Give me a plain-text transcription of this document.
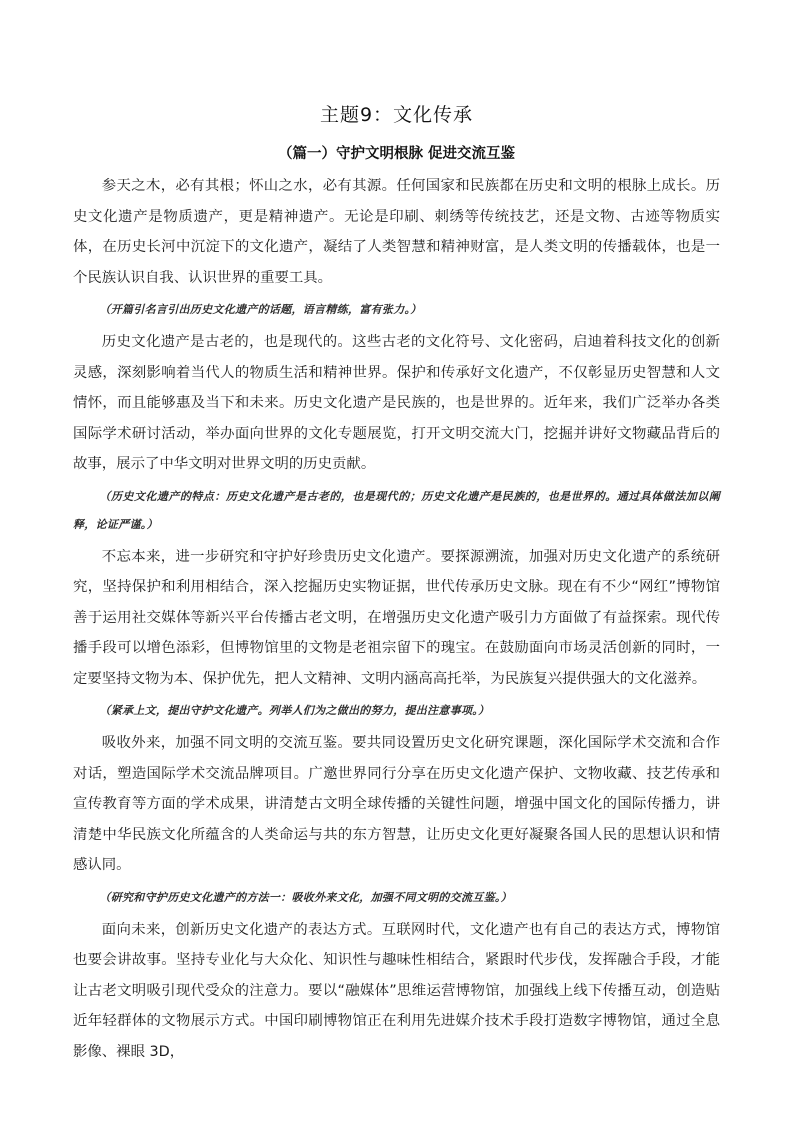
主题9：文化传承
（篇一）守护文明根脉 促进交流互鉴

参天之木，必有其根；怀山之水，必有其源。任何国家和民族都在历史和文明的根脉上成长。历史文化遗产是物质遗产，更是精神遗产。无论是印刷、刺绣等传统技艺，还是文物、古迹等物质实体，在历史长河中沉淀下的文化遗产，凝结了人类智慧和精神财富，是人类文明的传播载体，也是一个民族认识自我、认识世界的重要工具。

（开篇引名言引出历史文化遗产的话题，语言精练，富有张力。）

历史文化遗产是古老的，也是现代的。这些古老的文化符号、文化密码，启迪着科技文化的创新灵感，深刻影响着当代人的物质生活和精神世界。保护和传承好文化遗产，不仅彰显历史智慧和人文情怀，而且能够惠及当下和未来。历史文化遗产是民族的，也是世界的。近年来，我们广泛举办各类国际学术研讨活动，举办面向世界的文化专题展览，打开文明交流大门，挖掘并讲好文物藏品背后的故事，展示了中华文明对世界文明的历史贡献。

（历史文化遗产的特点：历史文化遗产是古老的，也是现代的；历史文化遗产是民族的，也是世界的。通过具体做法加以阐释，论证严谨。）

不忘本来，进一步研究和守护好珍贵历史文化遗产。要探源溯流，加强对历史文化遗产的系统研究，坚持保护和利用相结合，深入挖掘历史实物证据，世代传承历史文脉。现在有不少“网红”博物馆善于运用社交媒体等新兴平台传播古老文明，在增强历史文化遗产吸引力方面做了有益探索。现代传播手段可以增色添彩，但博物馆里的文物是老祖宗留下的瑰宝。在鼓励面向市场灵活创新的同时，一定要坚持文物为本、保护优先，把人文精神、文明内涵高高托举，为民族复兴提供强大的文化滋养。

（紧承上文，提出守护文化遗产。列举人们为之做出的努力，提出注意事项。）

吸收外来，加强不同文明的交流互鉴。要共同设置历史文化研究课题，深化国际学术交流和合作对话，塑造国际学术交流品牌项目。广邀世界同行分享在历史文化遗产保护、文物收藏、技艺传承和宣传教育等方面的学术成果，讲清楚古文明全球传播的关键性问题，增强中国文化的国际传播力，讲清楚中华民族文化所蕴含的人类命运与共的东方智慧，让历史文化更好凝聚各国人民的思想认识和情感认同。

（研究和守护历史文化遗产的方法一：吸收外来文化，加强不同文明的交流互鉴。）

面向未来，创新历史文化遗产的表达方式。互联网时代，文化遗产也有自己的表达方式，博物馆也要会讲故事。坚持专业化与大众化、知识性与趣味性相结合，紧跟时代步伐，发挥融合手段，才能让古老文明吸引现代受众的注意力。要以“融媒体”思维运营博物馆，加强线上线下传播互动，创造贴近年轻群体的文物展示方式。中国印刷博物馆正在利用先进媒介技术手段打造数字博物馆，通过全息影像、裸眼 3D，
